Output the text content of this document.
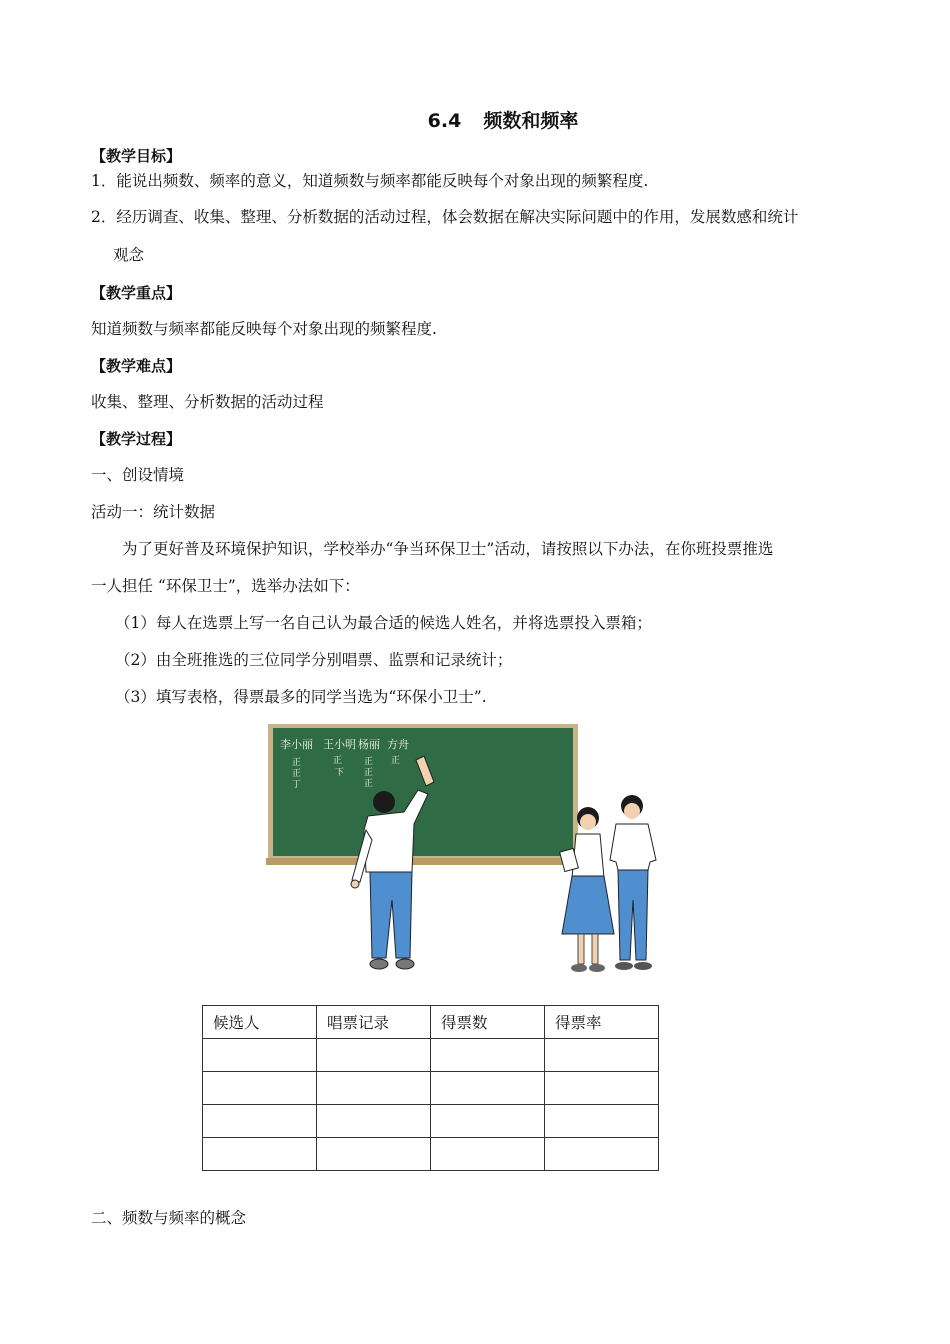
6.4 频数和频率
【教学目标】
1．能说出频数、频率的意义，知道频数与频率都能反映每个对象出现的频繁程度.
2．经历调查、收集、整理、分析数据的活动过程，体会数据在解决实际问题中的作用，发展数感和统计
观念
【教学重点】
知道频数与频率都能反映每个对象出现的频繁程度.
【教学难点】
收集、整理、分析数据的活动过程
【教学过程】
一、创设情境
活动一：统计数据
为了更好普及环境保护知识，学校举办“争当环保卫士”活动，请按照以下办法，在你班投票推选
一人担任 “环保卫士”，选举办法如下：
（1）每人在选票上写一名自己认为最合适的候选人姓名，并将选票投入票箱；
（2）由全班推选的三位同学分别唱票、监票和记录统计；
（3）填写表格，得票最多的同学当选为“环保小卫士”.
李小丽 王小明 杨丽 方舟
正
正
丁
正
下
正
正
正
正
候选人	唱票记录	得票数	得票率

二、频数与频率的概念
